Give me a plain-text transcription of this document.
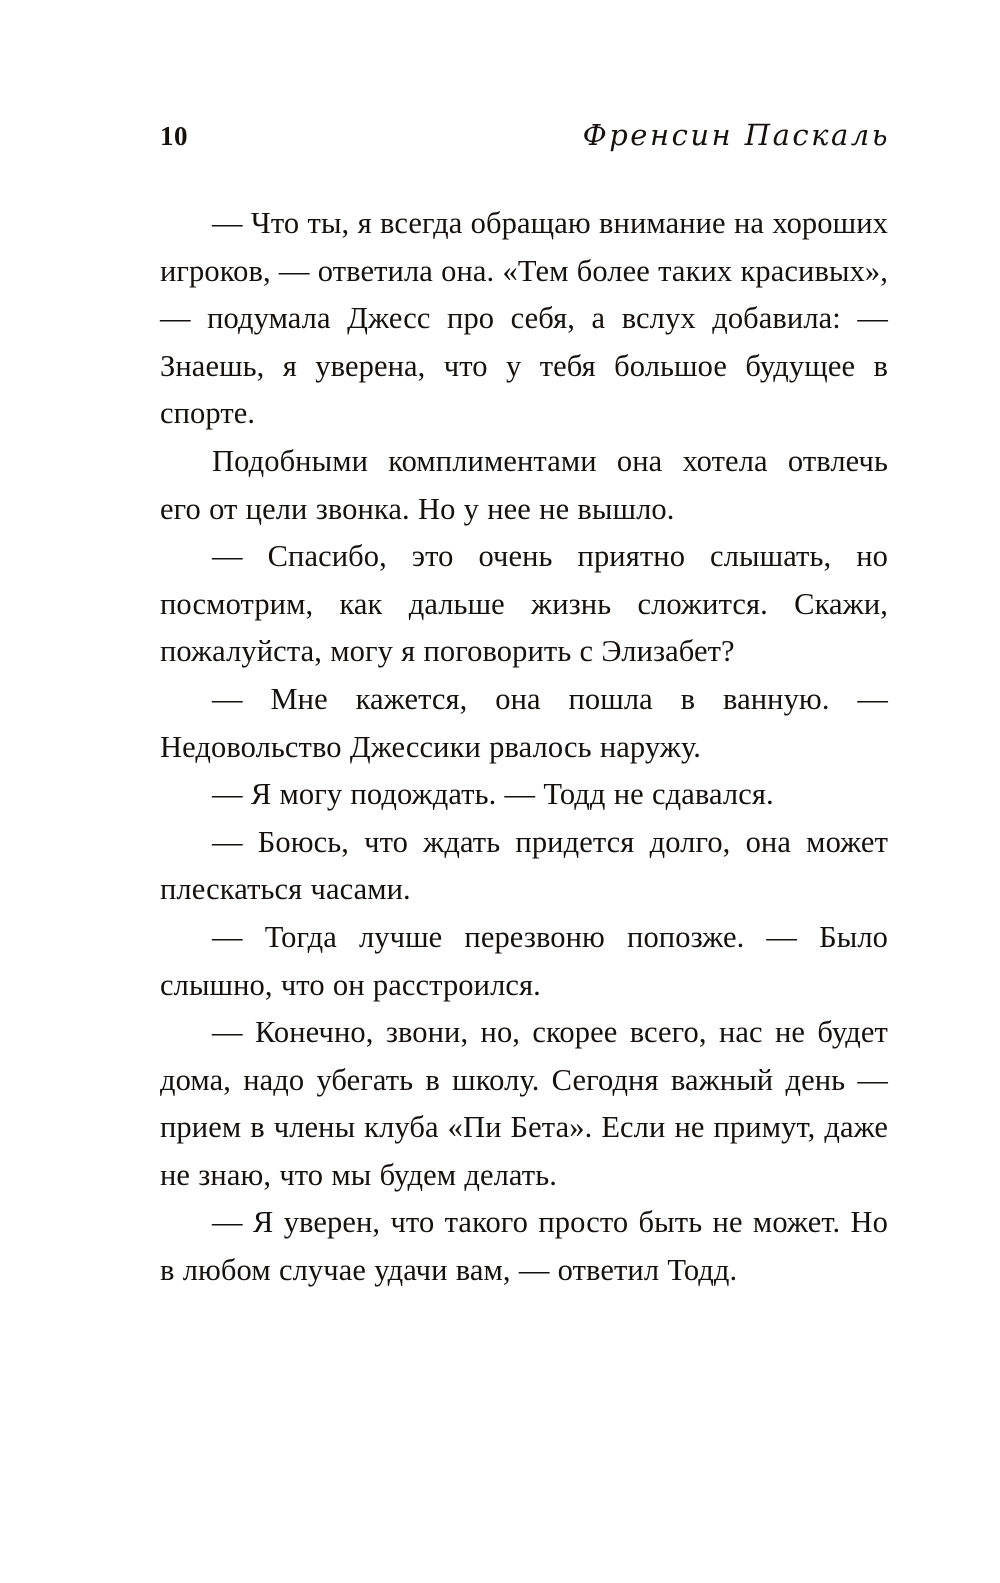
10	Френсин Паскаль

— Что ты, я всегда обращаю внимание на хороших игроков, — ответила она. «Тем более таких красивых», — подумала Джесс про себя, а вслух добавила: — Знаешь, я уверена, что у тебя большое будущее в спорте.

Подобными комплиментами она хотела отвлечь его от цели звонка. Но у нее не вышло.

— Спасибо, это очень приятно слышать, но посмотрим, как дальше жизнь сложится. Скажи, пожалуйста, могу я поговорить с Элизабет?

— Мне кажется, она пошла в ванную. — Недовольство Джессики рвалось наружу.

— Я могу подождать. — Тодд не сдавался.

— Боюсь, что ждать придется долго, она может плескаться часами.

— Тогда лучше перезвоню попозже. — Было слышно, что он расстроился.

— Конечно, звони, но, скорее всего, нас не будет дома, надо убегать в школу. Сегодня важный день — прием в члены клуба «Пи Бета». Если не примут, даже не знаю, что мы будем делать.

— Я уверен, что такого просто быть не может. Но в любом случае удачи вам, — ответил Тодд.
